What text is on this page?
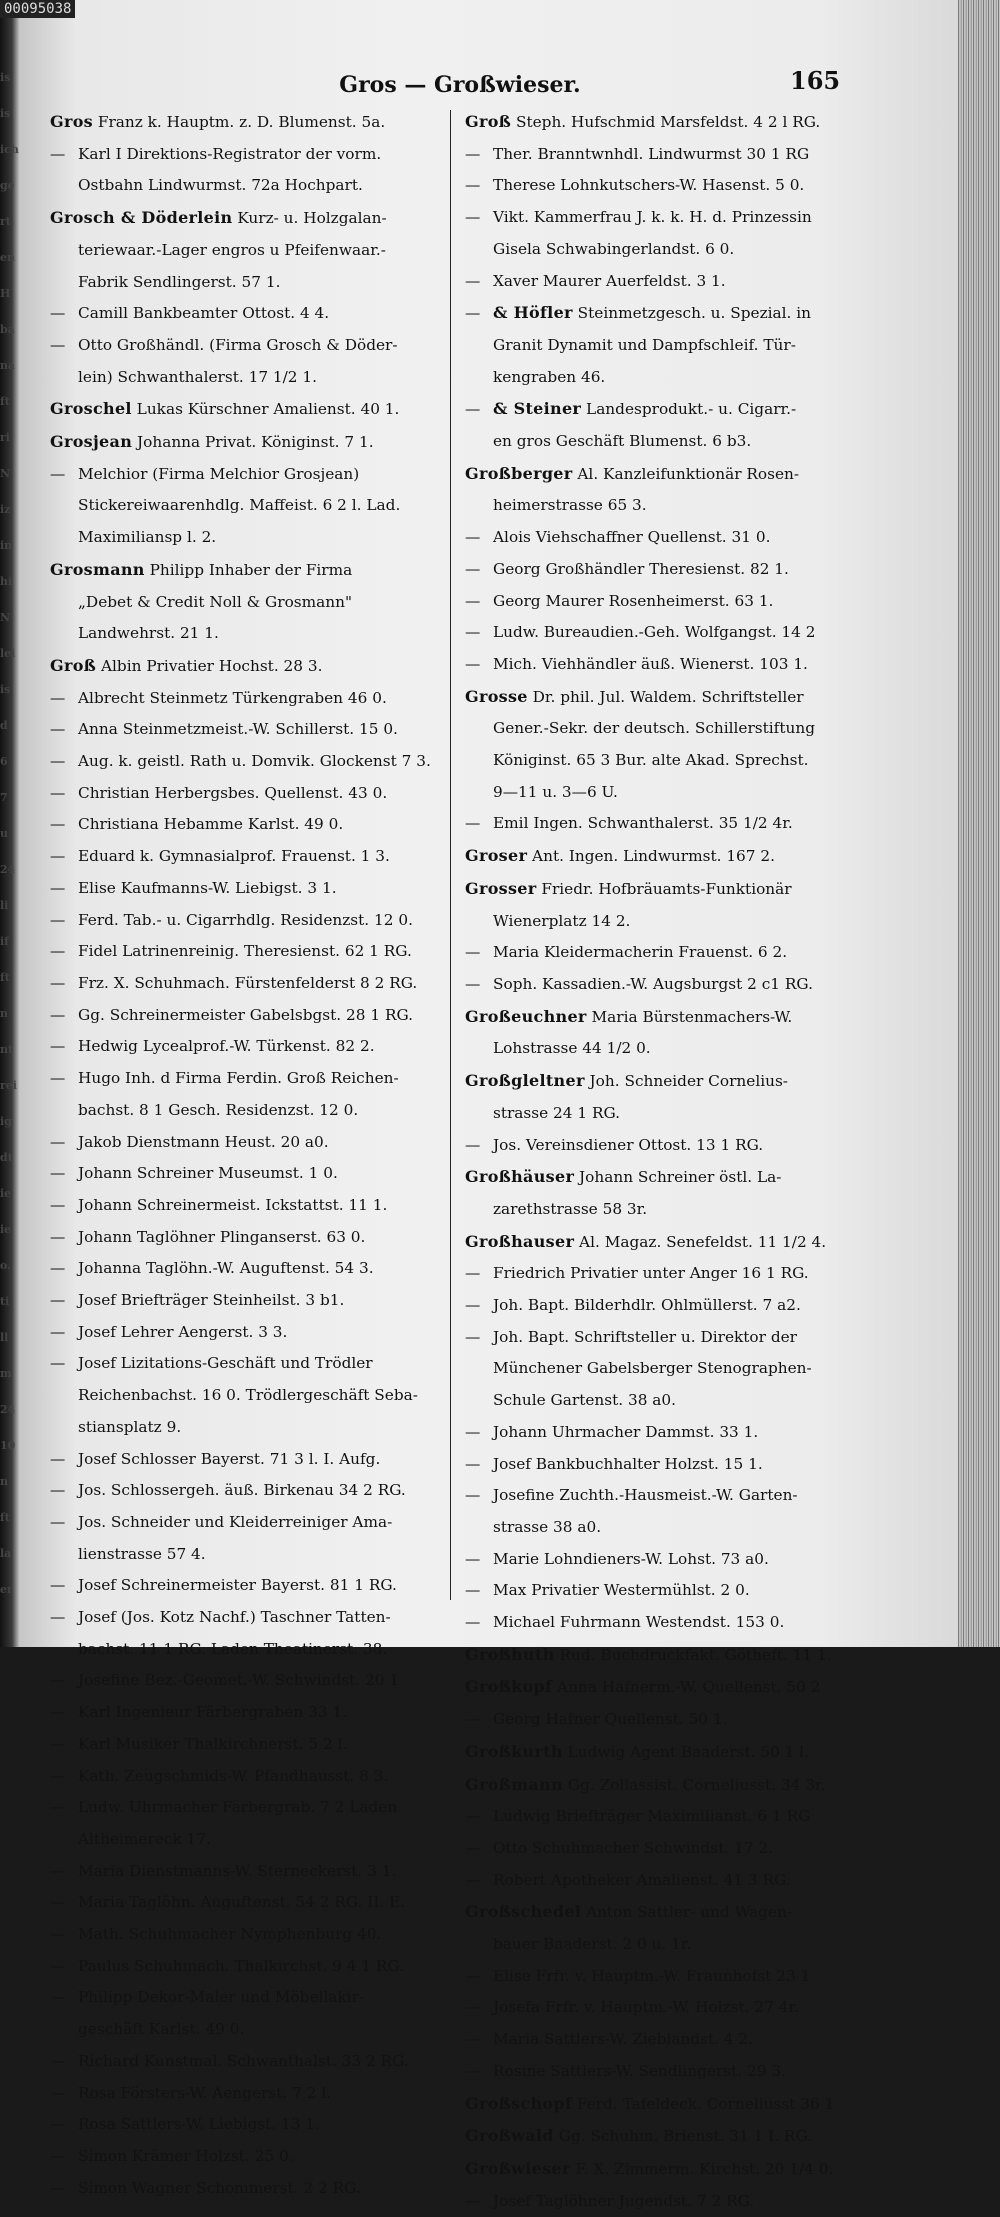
is
is
ich
ge
rt.
en
H
ba
na
ft
ri
N
iz
in
hi
N
lei
is
d
6
7
u
24
li
if
ft
n
nt
rei
ig
dt
ie
ie
o.
ti
ll
m
24
10
n
ft
la
er
00095038
Gros — Großwieser.	165
Gros Franz k. Hauptm. z. D. Blumenst. 5a.
— Karl I Direktions-Registrator der vorm.
Ostbahn Lindwurmst. 72a Hochpart.
Grosch & Döderlein Kurz- u. Holzgalan-
teriewaar.-Lager engros u Pfeifenwaar.-
Fabrik Sendlingerst. 57 1.
— Camill Bankbeamter Ottost. 4 4.
— Otto Großhändl. (Firma Grosch & Döder-
lein) Schwanthalerst. 17 1/2 1.
Groschel Lukas Kürschner Amalienst. 40 1.
Grosjean Johanna Privat. Königinst. 7 1.
— Melchior (Firma Melchior Grosjean)
Stickereiwaarenhdlg. Maffeist. 6 2 l. Lad.
Maximiliansp l. 2.
Grosmann Philipp Inhaber der Firma
„Debet & Credit Noll & Grosmann"
Landwehrst. 21 1.
Groß Albin Privatier Hochst. 28 3.
— Albrecht Steinmetz Türkengraben 46 0.
— Anna Steinmetzmeist.-W. Schillerst. 15 0.
— Aug. k. geistl. Rath u. Domvik. Glockenst 7 3.
— Christian Herbergsbes. Quellenst. 43 0.
— Christiana Hebamme Karlst. 49 0.
— Eduard k. Gymnasialprof. Frauenst. 1 3.
— Elise Kaufmanns-W. Liebigst. 3 1.
— Ferd. Tab.- u. Cigarrhdlg. Residenzst. 12 0.
— Fidel Latrinenreinig. Theresienst. 62 1 RG.
— Frz. X. Schuhmach. Fürstenfelderst 8 2 RG.
— Gg. Schreinermeister Gabelsbgst. 28 1 RG.
— Hedwig Lycealprof.-W. Türkenst. 82 2.
— Hugo Inh. d Firma Ferdin. Groß Reichen-
bachst. 8 1 Gesch. Residenzst. 12 0.
— Jakob Dienstmann Heust. 20 a0.
— Johann Schreiner Museumst. 1 0.
— Johann Schreinermeist. Ickstattst. 11 1.
— Johann Taglöhner Plinganserst. 63 0.
— Johanna Taglöhn.-W. Auguftenst. 54 3.
— Josef Briefträger Steinheilst. 3 b1.
— Josef Lehrer Aengerst. 3 3.
— Josef Lizitations-Geschäft und Trödler
Reichenbachst. 16 0. Trödlergeschäft Seba-
stiansplatz 9.
— Josef Schlosser Bayerst. 71 3 l. I. Aufg.
— Jos. Schlossergeh. äuß. Birkenau 34 2 RG.
— Jos. Schneider und Kleiderreiniger Ama-
lienstrasse 57 4.
— Josef Schreinermeister Bayerst. 81 1 RG.
— Josef (Jos. Kotz Nachf.) Taschner Tatten-
bachst. 11 1 RG. Laden Theatinerst. 38.
— Josefine Bez.-Geomet.-W. Schwindst. 20 1
— Karl Ingenieur Färbergraben 33 1.
— Karl Musiker Thalkirchnerst. 5 2 l.
— Kath. Zeugschmids-W. Pfandhausst. 8 3.
— Ludw. Uhrmacher Färbergrab. 7 2 Laden
Altheimereck 17.
— Maria Dienstmanns-W. Sterneckerst. 3 1.
— Maria Taglöhn. Auguftenst. 54 2 RG. II. E.
— Math. Schuhmacher Nymphenburg 40.
— Paulus Schuhmach. Thalkirchst. 9 4 1 RG.
— Philipp Dekor-Maler und Möbellakir-
geschäft Karlst. 49 0.
— Richard Kunstmal. Schwanthalst. 33 2 RG.
— Rosa Försters-W. Aengerst. 7 2 l.
— Rosa Sattlers-W. Liebigst. 13 1.
— Simon Krämer Holzst. 25 0.
— Simon Wagner Schommerst. 2 2 RG.
Groß Steph. Hufschmid Marsfeldst. 4 2 l RG.
— Ther. Branntwnhdl. Lindwurmst 30 1 RG
— Therese Lohnkutschers-W. Hasenst. 5 0.
— Vikt. Kammerfrau J. k. k. H. d. Prinzessin
Gisela Schwabingerlandst. 6 0.
— Xaver Maurer Auerfeldst. 3 1.
— & Höfler Steinmetzgesch. u. Spezial. in
Granit Dynamit und Dampfschleif. Tür-
kengraben 46.
— & Steiner Landesprodukt.- u. Cigarr.-
en gros Geschäft Blumenst. 6 b3.
Großberger Al. Kanzleifunktionär Rosen-
heimerstrasse 65 3.
— Alois Viehschaffner Quellenst. 31 0.
— Georg Großhändler Theresienst. 82 1.
— Georg Maurer Rosenheimerst. 63 1.
— Ludw. Bureaudien.-Geh. Wolfgangst. 14 2
— Mich. Viehhändler äuß. Wienerst. 103 1.
Grosse Dr. phil. Jul. Waldem. Schriftsteller
Gener.-Sekr. der deutsch. Schillerstiftung
Königinst. 65 3 Bur. alte Akad. Sprechst.
9—11 u. 3—6 U.
— Emil Ingen. Schwanthalerst. 35 1/2 4r.
Groser Ant. Ingen. Lindwurmst. 167 2.
Grosser Friedr. Hofbräuamts-Funktionär
Wienerplatz 14 2.
— Maria Kleidermacherin Frauenst. 6 2.
— Soph. Kassadien.-W. Augsburgst 2 c1 RG.
Großeuchner Maria Bürstenmachers-W.
Lohstrasse 44 1/2 0.
Großgleltner Joh. Schneider Cornelius-
strasse 24 1 RG.
— Jos. Vereinsdiener Ottost. 13 1 RG.
Großhäuser Johann Schreiner östl. La-
zarethstrasse 58 3r.
Großhauser Al. Magaz. Senefeldst. 11 1/2 4.
— Friedrich Privatier unter Anger 16 1 RG.
— Joh. Bapt. Bilderhdlr. Ohlmüllerst. 7 a2.
— Joh. Bapt. Schriftsteller u. Direktor der
Münchener Gabelsberger Stenographen-
Schule Gartenst. 38 a0.
— Johann Uhrmacher Dammst. 33 1.
— Josef Bankbuchhalter Holzst. 15 1.
— Josefine Zuchth.-Hausmeist.-W. Garten-
strasse 38 a0.
— Marie Lohndieners-W. Lohst. 73 a0.
— Max Privatier Westermühlst. 2 0.
— Michael Fuhrmann Westendst. 153 0.
Großhuth Rud. Buchdruckfakt. Götheft. 11 1.
Großkopf Anna Hafnerm.-W. Quellenst. 50 2
— Georg Hafner Quellenst. 50 1.
Großkurth Ludwig Agent Baaderst. 50 1 l.
Großmann Gg. Zollassist. Corneliusst. 34 3r.
— Ludwig Briefträger Maximilianst. 6 1 RG
— Otto Schuhmacher Schwindst. 17 2.
— Robert Apotheker Amalienst. 41 3 RG.
Großschedel Anton Sattler- und Wagen-
bauer Baaderst. 2 0 u. 1r.
— Elise Frfr. v. Hauptm.-W. Fraunhofst 23 1
— Josefa Frfr. v. Hauptm.-W. Holzst. 27 4r.
— Maria Sattlers-W. Zieblandst. 4 2.
— Rosine Sattlers-W. Sendlingerst. 29 3.
Großschopf Ferd. Tafeldeck. Corneliusst 36 1
Großwald Gg. Schuhm. Brienst. 31 1 I. RG.
Großwieser F. X. Zimmerm. Kirchst. 20 1/4 0.
— Josef Taglöhner Jugendst. 7 2 RG.
